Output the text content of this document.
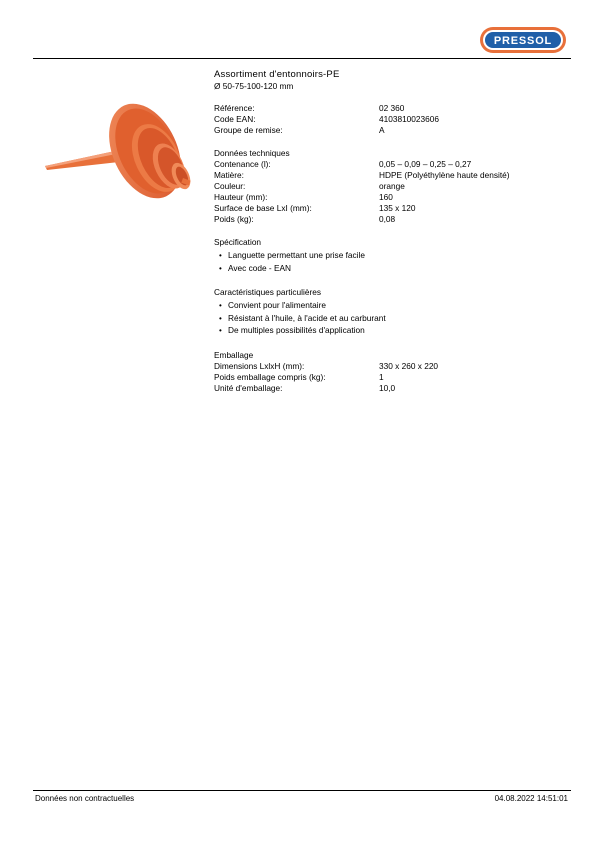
PRESSOL
Assortiment d'entonnoirs-PE
Ø 50-75-100-120 mm
Référence:	02 360
Code EAN:	4103810023606
Groupe de remise:	A
Données techniques
Contenance (l):	0,05 – 0,09 – 0,25 – 0,27
Matière:	HDPE (Polyéthylène haute densité)
Couleur:	orange
Hauteur (mm):	160
Surface de base LxI (mm):	135 x 120
Poids (kg):	0,08
Spécification
• Languette permettant une prise facile
• Avec code - EAN
Caractéristiques particulières
• Convient pour l'alimentaire
• Résistant à l'huile, à l'acide et au carburant
• De multiples possibilités d'application
Emballage
Dimensions LxlxH (mm):	330 x 260 x 220
Poids emballage compris (kg):	1
Unité d'emballage:	10,0
Données non contractuelles	04.08.2022 14:51:01
